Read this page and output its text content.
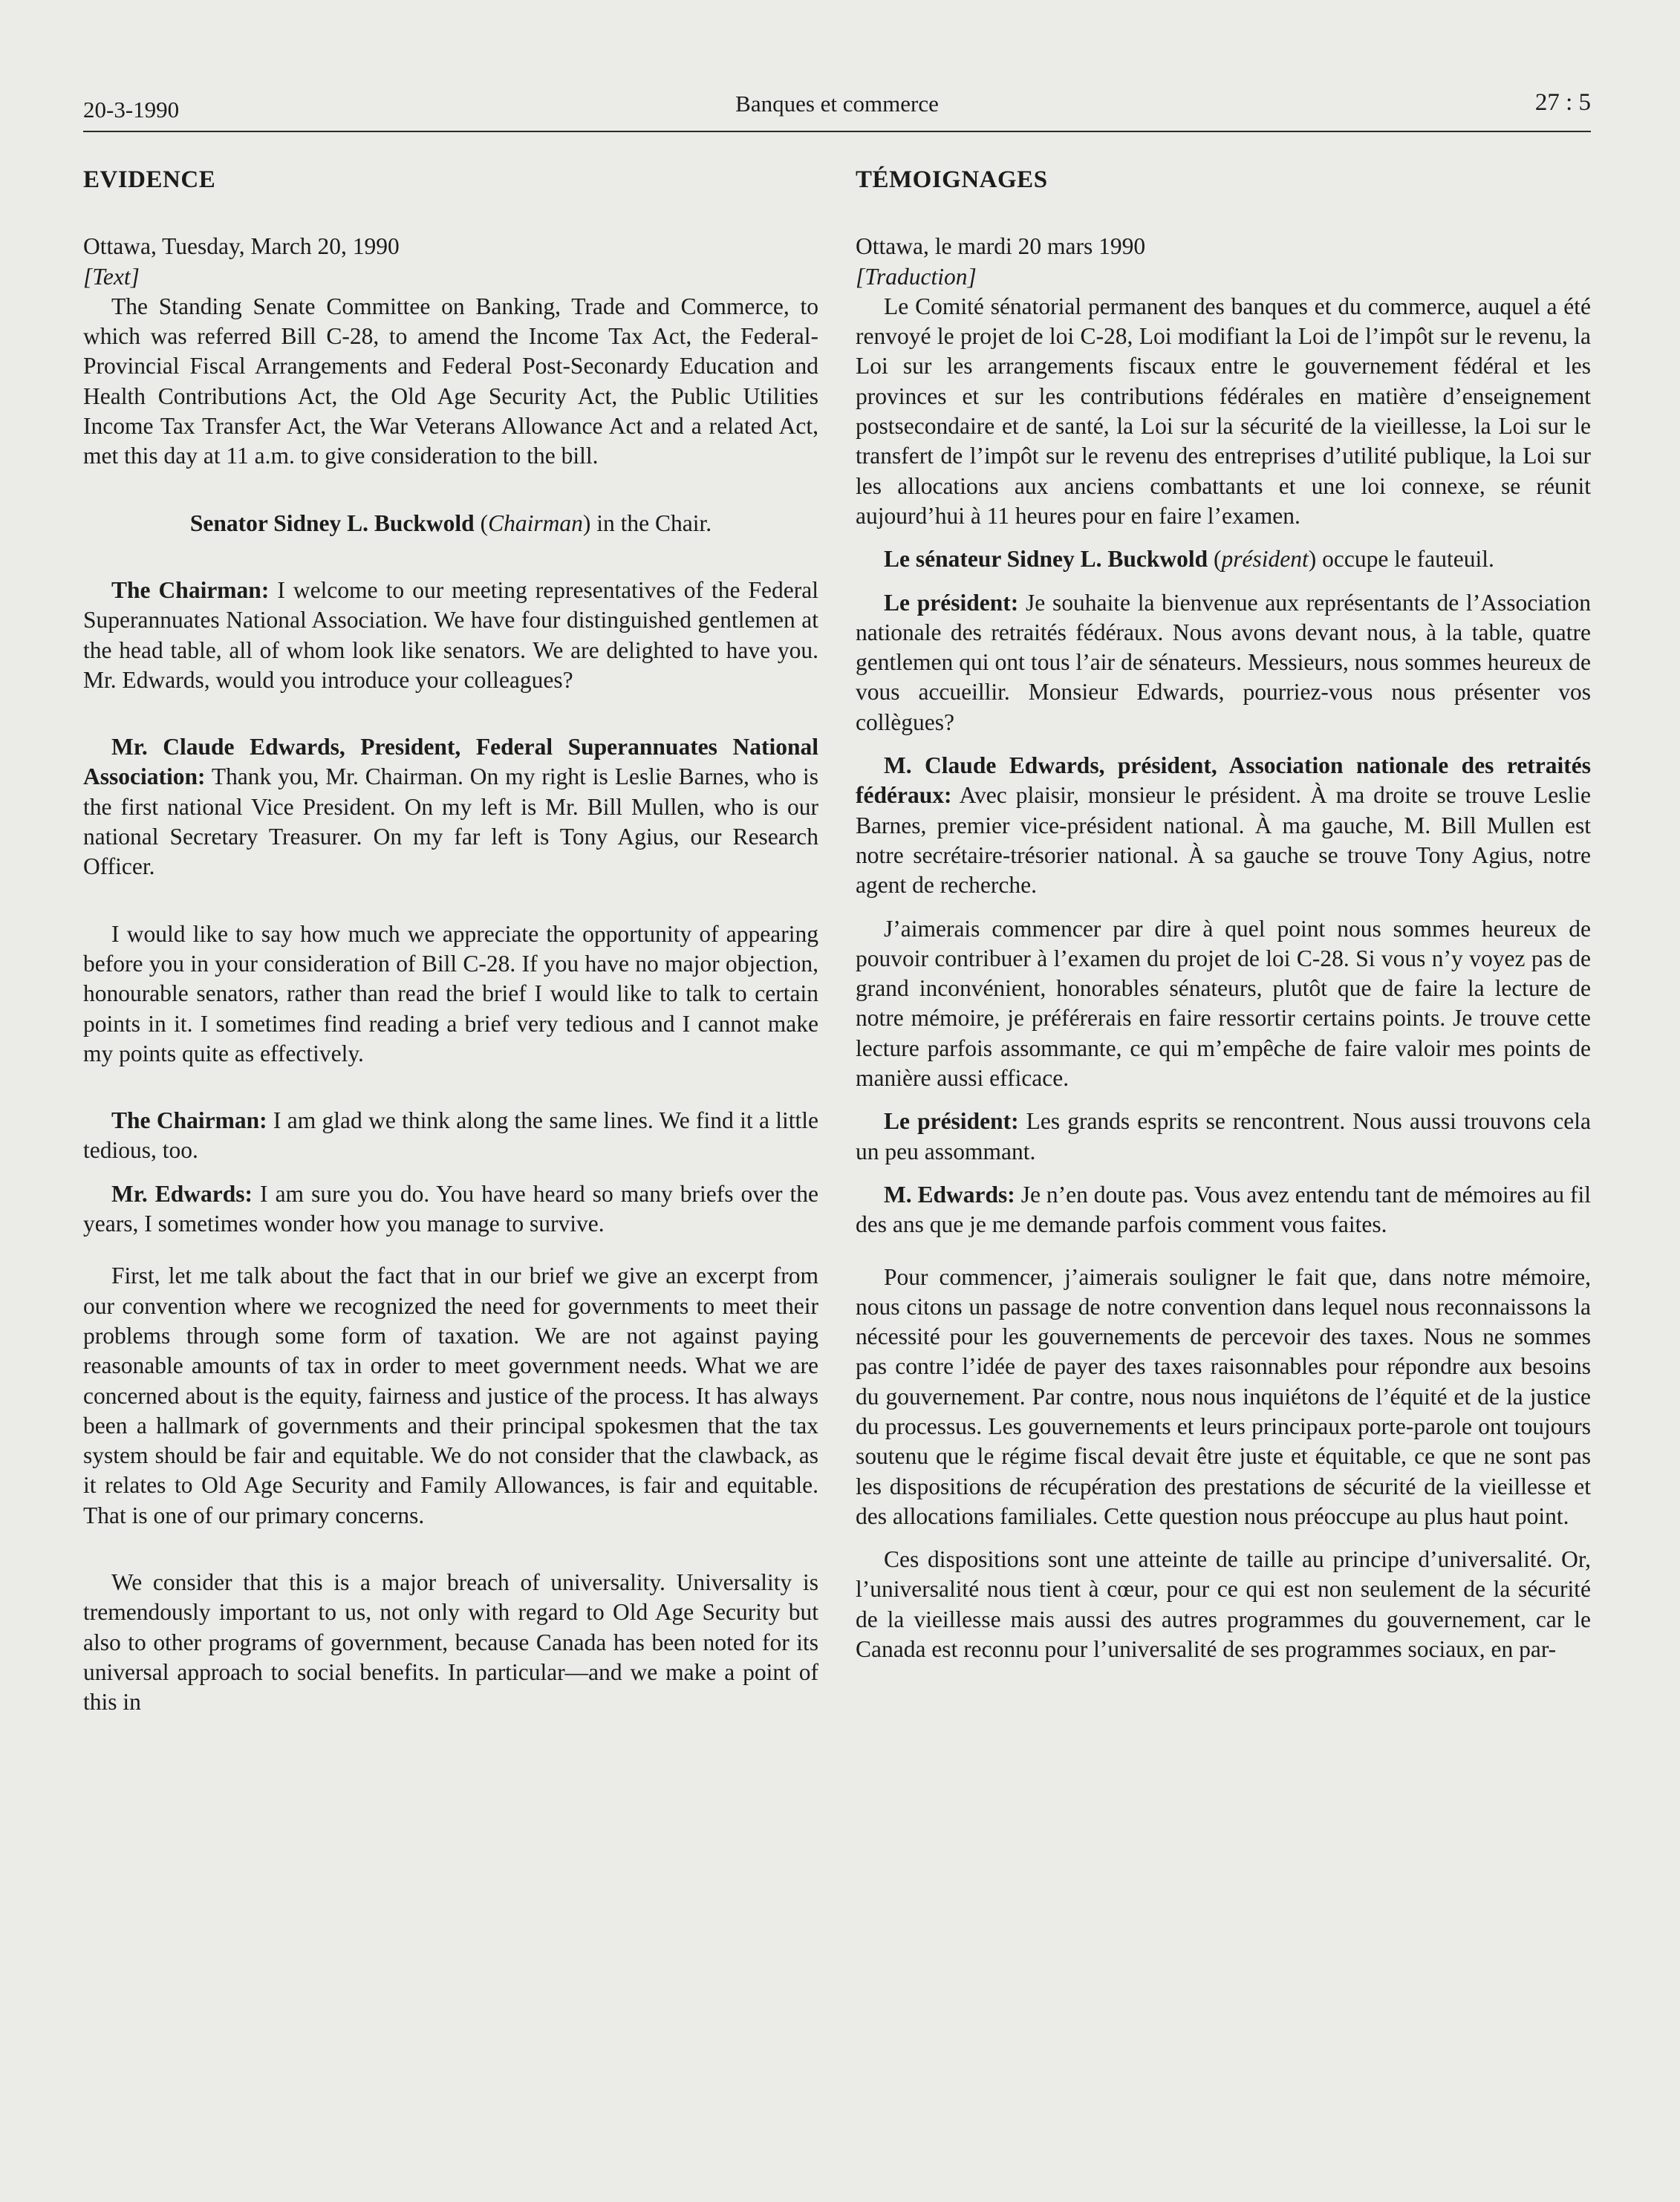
20-3-1990	Banques et commerce	27 : 5

EVIDENCE

Ottawa, Tuesday, March 20, 1990

[Text]

The Standing Senate Committee on Banking, Trade and Commerce, to which was referred Bill C-28, to amend the Income Tax Act, the Federal-Provincial Fiscal Arrangements and Federal Post-Seconardy Education and Health Contributions Act, the Old Age Security Act, the Public Utilities Income Tax Transfer Act, the War Veterans Allowance Act and a related Act, met this day at 11 a.m. to give consideration to the bill.

Senator Sidney L. Buckwold (Chairman) in the Chair.

The Chairman: I welcome to our meeting representatives of the Federal Superannuates National Association. We have four distinguished gentlemen at the head table, all of whom look like senators. We are delighted to have you. Mr. Edwards, would you introduce your colleagues?

Mr. Claude Edwards, President, Federal Superannuates National Association: Thank you, Mr. Chairman. On my right is Leslie Barnes, who is the first national Vice President. On my left is Mr. Bill Mullen, who is our national Secretary Treasurer. On my far left is Tony Agius, our Research Officer.

I would like to say how much we appreciate the opportunity of appearing before you in your consideration of Bill C-28. If you have no major objection, honourable senators, rather than read the brief I would like to talk to certain points in it. I sometimes find reading a brief very tedious and I cannot make my points quite as effectively.

The Chairman: I am glad we think along the same lines. We find it a little tedious, too.

Mr. Edwards: I am sure you do. You have heard so many briefs over the years, I sometimes wonder how you manage to survive.

First, let me talk about the fact that in our brief we give an excerpt from our convention where we recognized the need for governments to meet their problems through some form of taxation. We are not against paying reasonable amounts of tax in order to meet government needs. What we are concerned about is the equity, fairness and justice of the process. It has always been a hallmark of governments and their principal spokesmen that the tax system should be fair and equitable. We do not consider that the clawback, as it relates to Old Age Security and Family Allowances, is fair and equitable. That is one of our primary concerns.

We consider that this is a major breach of universality. Universality is tremendously important to us, not only with regard to Old Age Security but also to other programs of government, because Canada has been noted for its universal approach to social benefits. In particular—and we make a point of this in

TÉMOIGNAGES

Ottawa, le mardi 20 mars 1990

[Traduction]

Le Comité sénatorial permanent des banques et du commerce, auquel a été renvoyé le projet de loi C-28, Loi modifiant la Loi de l’impôt sur le revenu, la Loi sur les arrangements fiscaux entre le gouvernement fédéral et les provinces et sur les contributions fédérales en matière d’enseignement postsecondaire et de santé, la Loi sur la sécurité de la vieillesse, la Loi sur le transfert de l’impôt sur le revenu des entreprises d’utilité publique, la Loi sur les allocations aux anciens combattants et une loi connexe, se réunit aujourd’hui à 11 heures pour en faire l’examen.

Le sénateur Sidney L. Buckwold (président) occupe le fauteuil.

Le président: Je souhaite la bienvenue aux représentants de l’Association nationale des retraités fédéraux. Nous avons devant nous, à la table, quatre gentlemen qui ont tous l’air de sénateurs. Messieurs, nous sommes heureux de vous accueillir. Monsieur Edwards, pourriez-vous nous présenter vos collègues?

M. Claude Edwards, président, Association nationale des retraités fédéraux: Avec plaisir, monsieur le président. À ma droite se trouve Leslie Barnes, premier vice-président national. À ma gauche, M. Bill Mullen est notre secrétaire-trésorier national. À sa gauche se trouve Tony Agius, notre agent de recherche.

J’aimerais commencer par dire à quel point nous sommes heureux de pouvoir contribuer à l’examen du projet de loi C-28. Si vous n’y voyez pas de grand inconvénient, honorables sénateurs, plutôt que de faire la lecture de notre mémoire, je préférerais en faire ressortir certains points. Je trouve cette lecture parfois assommante, ce qui m’empêche de faire valoir mes points de manière aussi efficace.

Le président: Les grands esprits se rencontrent. Nous aussi trouvons cela un peu assommant.

M. Edwards: Je n’en doute pas. Vous avez entendu tant de mémoires au fil des ans que je me demande parfois comment vous faites.

Pour commencer, j’aimerais souligner le fait que, dans notre mémoire, nous citons un passage de notre convention dans lequel nous reconnaissons la nécessité pour les gouvernements de percevoir des taxes. Nous ne sommes pas contre l’idée de payer des taxes raisonnables pour répondre aux besoins du gouvernement. Par contre, nous nous inquiétons de l’équité et de la justice du processus. Les gouvernements et leurs principaux porte-parole ont toujours soutenu que le régime fiscal devait être juste et équitable, ce que ne sont pas les dispositions de récupération des prestations de sécurité de la vieillesse et des allocations familiales. Cette question nous préoccupe au plus haut point.

Ces dispositions sont une atteinte de taille au principe d’universalité. Or, l’universalité nous tient à cœur, pour ce qui est non seulement de la sécurité de la vieillesse mais aussi des autres programmes du gouvernement, car le Canada est reconnu pour l’universalité de ses programmes sociaux, en par-
